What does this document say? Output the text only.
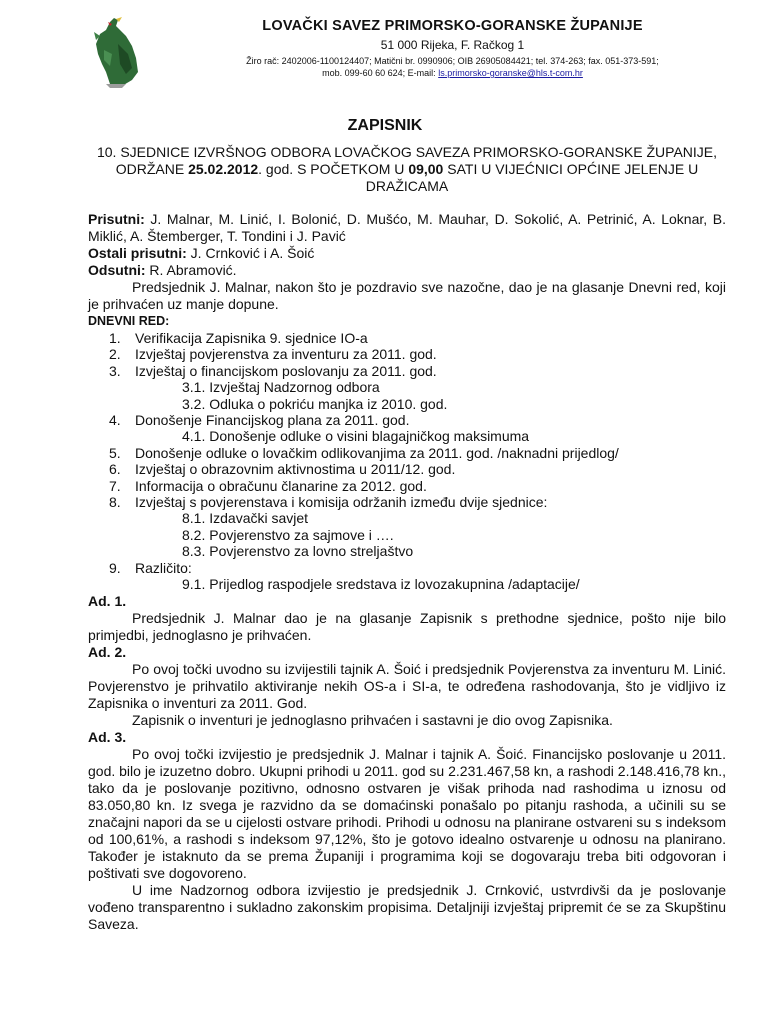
LOVAČKI SAVEZ PRIMORSKO-GORANSKE ŽUPANIJE
51 000 Rijeka, F. Račkog 1
Žiro rač: 2402006-1100124407; Matični br. 0990906; OIB 26905084421; tel. 374-263; fax. 051-373-591;
mob. 099-60 60 624; E-mail: ls.primorsko-goranske@hls.t-com.hr
ZAPISNIK
10. SJEDNICE IZVRŠNOG ODBORA LOVAČKOG SAVEZA PRIMORSKO-GORANSKE ŽUPANIJE, ODRŽANE 25.02.2012. god. S POČETKOM U 09,00 SATI U VIJEĆNICI OPĆINE JELENJE U DRAŽICAMA

Prisutni: J. Malnar, M. Linić, I. Bolonić, D. Mušćo, M. Mauhar, D. Sokolić, A. Petrinić, A. Loknar, B. Miklić, A. Štemberger, T. Tondini i J. Pavić

Ostali prisutni: J. Crnković i A. Šoić

Odsutni: R. Abramović.

Predsjednik J. Malnar, nakon što je pozdravio sve nazočne, dao je na glasanje Dnevni red, koji je prihvaćen uz manje dopune.

DNEVNI RED:

1. Verifikacija Zapisnika 9. sjednice IO-a
2. Izvještaj povjerenstva za inventuru za 2011. god.
3. Izvještaj o financijskom poslovanju za 2011. god.
3.1. Izvještaj Nadzornog odbora
3.2. Odluka o pokriću manjka iz 2010. god.
4. Donošenje Financijskog plana za 2011. god.
4.1. Donošenje odluke o visini blagajničkog maksimuma
5. Donošenje odluke o lovačkim odlikovanjima za 2011. god. /naknadni prijedlog/
6. Izvještaj o obrazovnim aktivnostima u 2011/12. god.
7. Informacija o obračunu članarine za 2012. god.
8. Izvještaj s povjerenstava i komisija održanih između dvije sjednice:
8.1. Izdavački savjet
8.2. Povjerenstvo za sajmove i ….
8.3. Povjerenstvo za lovno streljaštvo
9. Različito:
9.1. Prijedlog raspodjele sredstava iz lovozakupnina /adaptacije/

Ad. 1.

Predsjednik J. Malnar dao je na glasanje Zapisnik s prethodne sjednice, pošto nije bilo primjedbi, jednoglasno je prihvaćen.

Ad. 2.

Po ovoj točki uvodno su izvijestili tajnik A. Šoić i predsjednik Povjerenstva za inventuru M. Linić. Povjerenstvo je prihvatilo aktiviranje nekih OS-a i SI-a, te određena rashodovanja, što je vidljivo iz Zapisnika o inventuri za 2011. God.

Zapisnik o inventuri je jednoglasno prihvaćen i sastavni je dio ovog Zapisnika.

Ad. 3.

Po ovoj točki izvijestio je predsjednik J. Malnar i tajnik A. Šoić. Financijsko poslovanje u 2011. god. bilo je izuzetno dobro. Ukupni prihodi u 2011. god su 2.231.467,58 kn, a rashodi 2.148.416,78 kn., tako da je poslovanje pozitivno, odnosno ostvaren je višak prihoda nad rashodima u iznosu od 83.050,80 kn. Iz svega je razvidno da se domaćinski ponašalo po pitanju rashoda, a učinili su se značajni napori da se u cijelosti ostvare prihodi. Prihodi u odnosu na planirane ostvareni su s indeksom od 100,61%, a rashodi s indeksom 97,12%, što je gotovo idealno ostvarenje u odnosu na planirano. Također je istaknuto da se prema Županiji i programima koji se dogovaraju treba biti odgovoran i poštivati sve dogovoreno.

U ime Nadzornog odbora izvijestio je predsjednik J. Crnković, ustvrdivši da je poslovanje vođeno transparentno i sukladno zakonskim propisima. Detaljniji izvještaj pripremit će se za Skupštinu Saveza.
